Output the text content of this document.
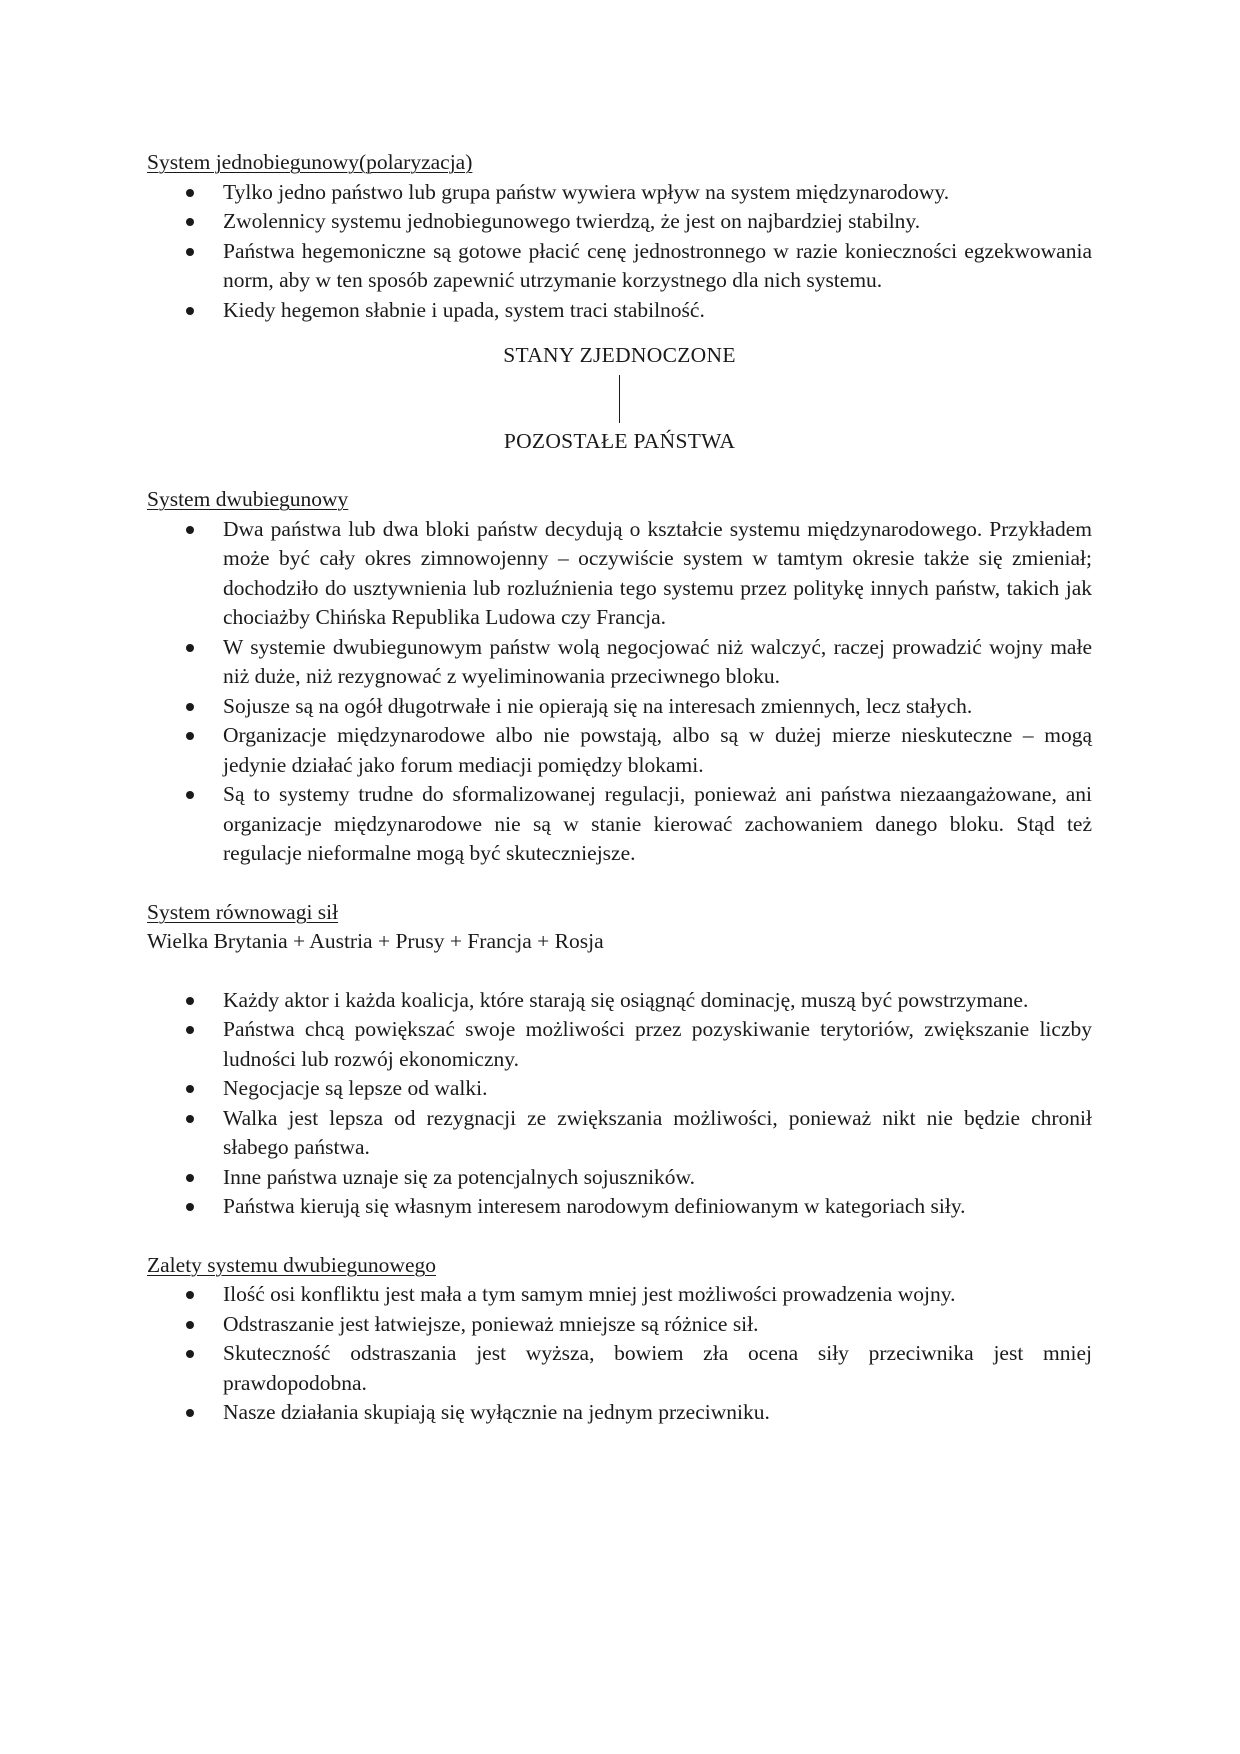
System jednobiegunowy(polaryzacja)

Tylko jedno państwo lub grupa państw wywiera wpływ na system międzynarodowy.
Zwolennicy systemu jednobiegunowego twierdzą, że jest on najbardziej stabilny.
Państwa hegemoniczne są gotowe płacić cenę jednostronnego w razie konieczności egzekwowania norm, aby w ten sposób zapewnić utrzymanie korzystnego dla nich systemu.
Kiedy hegemon słabnie i upada, system traci stabilność.
STANY ZJEDNOCZONE
POZOSTAŁE PAŃSTWA

System dwubiegunowy

Dwa państwa lub dwa bloki państw decydują o kształcie systemu międzynarodowego. Przykładem może być cały okres zimnowojenny – oczywiście system w tamtym okresie także się zmieniał; dochodziło do usztywnienia lub rozluźnienia tego systemu przez politykę innych państw, takich jak chociażby Chińska Republika Ludowa czy Francja.
W systemie dwubiegunowym państw wolą negocjować niż walczyć, raczej prowadzić wojny małe niż duże, niż rezygnować z wyeliminowania przeciwnego bloku.
Sojusze są na ogół długotrwałe i nie opierają się na interesach zmiennych, lecz stałych.
Organizacje międzynarodowe albo nie powstają, albo są w dużej mierze nieskuteczne – mogą jedynie działać jako forum mediacji pomiędzy blokami.
Są to systemy trudne do sformalizowanej regulacji, ponieważ ani państwa niezaangażowane, ani organizacje międzynarodowe nie są w stanie kierować zachowaniem danego bloku. Stąd też regulacje nieformalne mogą być skuteczniejsze.

System równowagi sił

Wielka Brytania + Austria + Prusy + Francja + Rosja

Każdy aktor i każda koalicja, które starają się osiągnąć dominację, muszą być powstrzymane.
Państwa chcą powiększać swoje możliwości przez pozyskiwanie terytoriów, zwiększanie liczby ludności lub rozwój ekonomiczny.
Negocjacje są lepsze od walki.
Walka jest lepsza od rezygnacji ze zwiększania możliwości, ponieważ nikt nie będzie chronił słabego państwa.
Inne państwa uznaje się za potencjalnych sojuszników.
Państwa kierują się własnym interesem narodowym definiowanym w kategoriach siły.

Zalety systemu dwubiegunowego

Ilość osi konfliktu jest mała a tym samym mniej jest możliwości prowadzenia wojny.
Odstraszanie jest łatwiejsze, ponieważ mniejsze są różnice sił.
Skuteczność odstraszania jest wyższa, bowiem zła ocena siły przeciwnika jest mniej prawdopodobna.
Nasze działania skupiają się wyłącznie na jednym przeciwniku.
